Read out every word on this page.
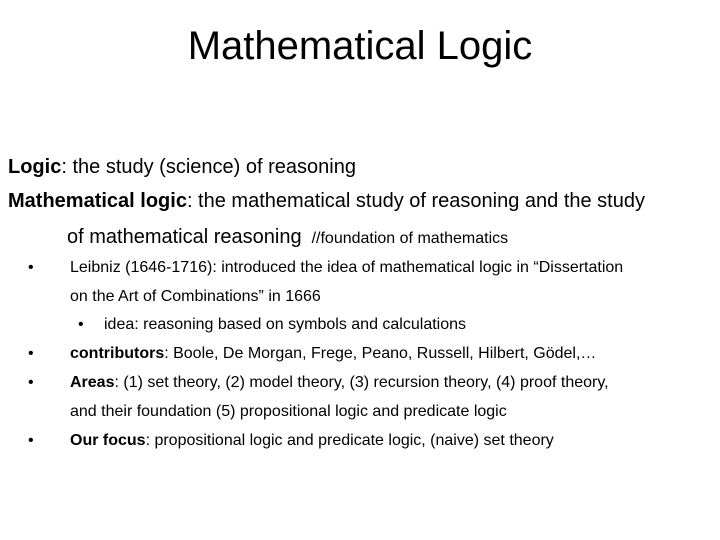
Mathematical Logic
Logic: the study (science) of reasoning
Mathematical logic: the mathematical study of reasoning and the study
of mathematical reasoning //foundation of mathematics
• Leibniz (1646-1716): introduced the idea of mathematical logic in “Dissertation
on the Art of Combinations” in 1666
• idea: reasoning based on symbols and calculations
• contributors: Boole, De Morgan, Frege, Peano, Russell, Hilbert, Gödel,…
• Areas: (1) set theory, (2) model theory, (3) recursion theory, (4) proof theory,
and their foundation (5) propositional logic and predicate logic
• Our focus: propositional logic and predicate logic, (naive) set theory
